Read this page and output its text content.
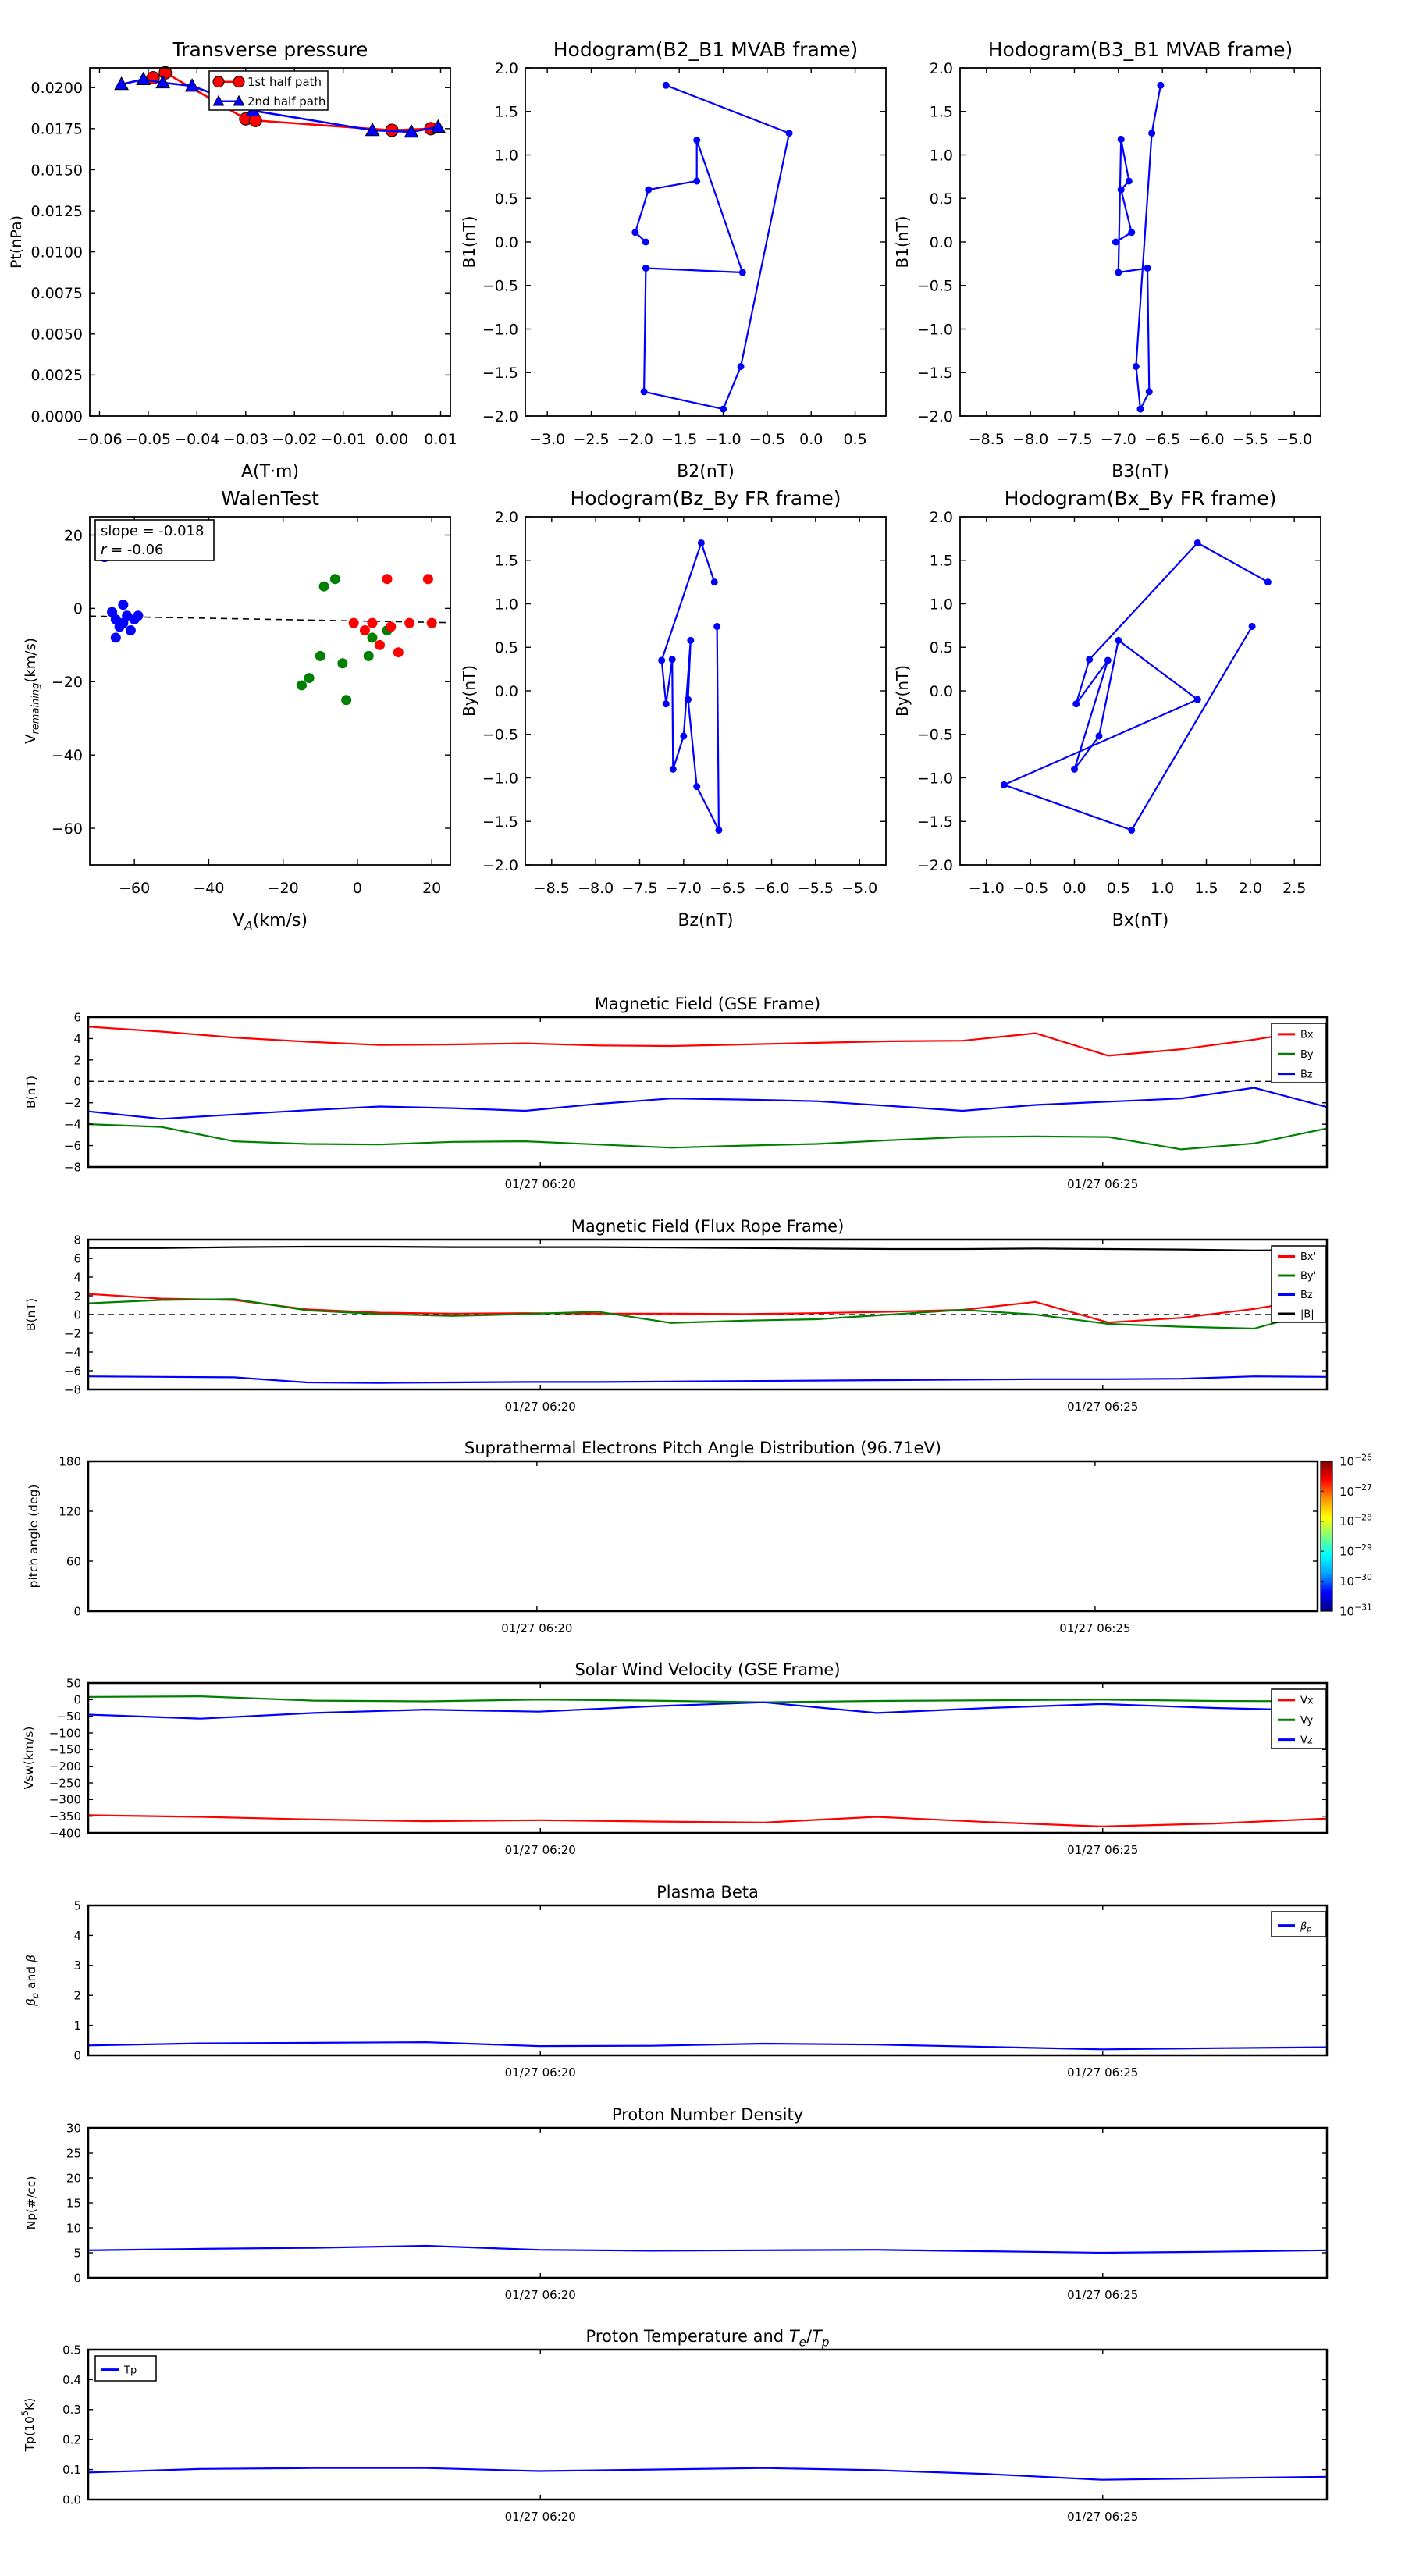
−0.06 −0.05 −0.04 −0.03 −0.02 −0.01 0.00 0.01
0.0000
0.0025
0.0050
0.0075
0.0100
0.0125
0.0150
0.0175
0.0200
Transverse pressure
A(T·m)
Pt(nPa)
1st half path
2nd half path
−3.0 −2.5 −2.0 −1.5 −1.0 −0.5 0.0 0.5
−2.0
−1.5
−1.0
−0.5
0.0
0.5
1.0
1.5
2.0
Hodogram(B2_B1 MVAB frame)
B2(nT)
B1(nT)
−8.5 −8.0 −7.5 −7.0 −6.5 −6.0 −5.5 −5.0
−2.0
−1.5
−1.0
−0.5
0.0
0.5
1.0
1.5
2.0
Hodogram(B3_B1 MVAB frame)
B3(nT)
B1(nT)
−60	−40	−20	0	20
20
0
−20
−40
−60
WalenTest
$V_A(km/s)$
$V_{remaining}(km/s)$
slope = -0.018
r = -0.06
−8.5 −8.0 −7.5 −7.0 −6.5 −6.0 −5.5 −5.0
−2.0
−1.5
−1.0
−0.5
0.0
0.5
1.0
1.5
2.0
Hodogram(Bz_By FR frame)
Bz(nT)
By(nT)
−1.0 −0.5 0.0 0.5 1.0 1.5 2.0 2.5
−2.0
−1.5
−1.0
−0.5
0.0
0.5
1.0
1.5
2.0
Hodogram(Bx_By FR frame)
Bx(nT)
By(nT)
01/27 06:20	01/27 06:25
6
4
2
0
−2
−4
−6
−8
Magnetic Field (GSE Frame)
B(nT)
Bx
By
Bz
01/27 06:20	01/27 06:25
8
6
4
2
0
−2
−4
−6
−8
Magnetic Field (Flux Rope Frame)
B(nT)
Bx'
By'
Bz'
|B|
01/27 06:20	01/27 06:25
0
60
120
180
Suprathermal Electrons Pitch Angle Distribution (96.71eV)
pitch angle (deg)
$10^{-26}$
$10^{-27}$
$10^{-28}$
$10^{-29}$
$10^{-30}$
$10^{-31}$
01/27 06:20	01/27 06:25
50
0
−50
−100
−150
−200
−250
−300
−350
−400
Solar Wind Velocity (GSE Frame)
Vsw(km/s)
Vx
Vy
Vz
01/27 06:20	01/27 06:25
0
1
2
3
4
5
Plasma Beta
$\beta_p$ and β
$\beta_p$
01/27 06:20	01/27 06:25
0
5
10
15
20
25
30
Proton Number Density
Np(#/cc)
01/27 06:20	01/27 06:25
0.0
0.1
0.2
0.3
0.4
0.5
Proton Temperature and $T_e/T_p$
$Tp(10^5K)$
Tp
